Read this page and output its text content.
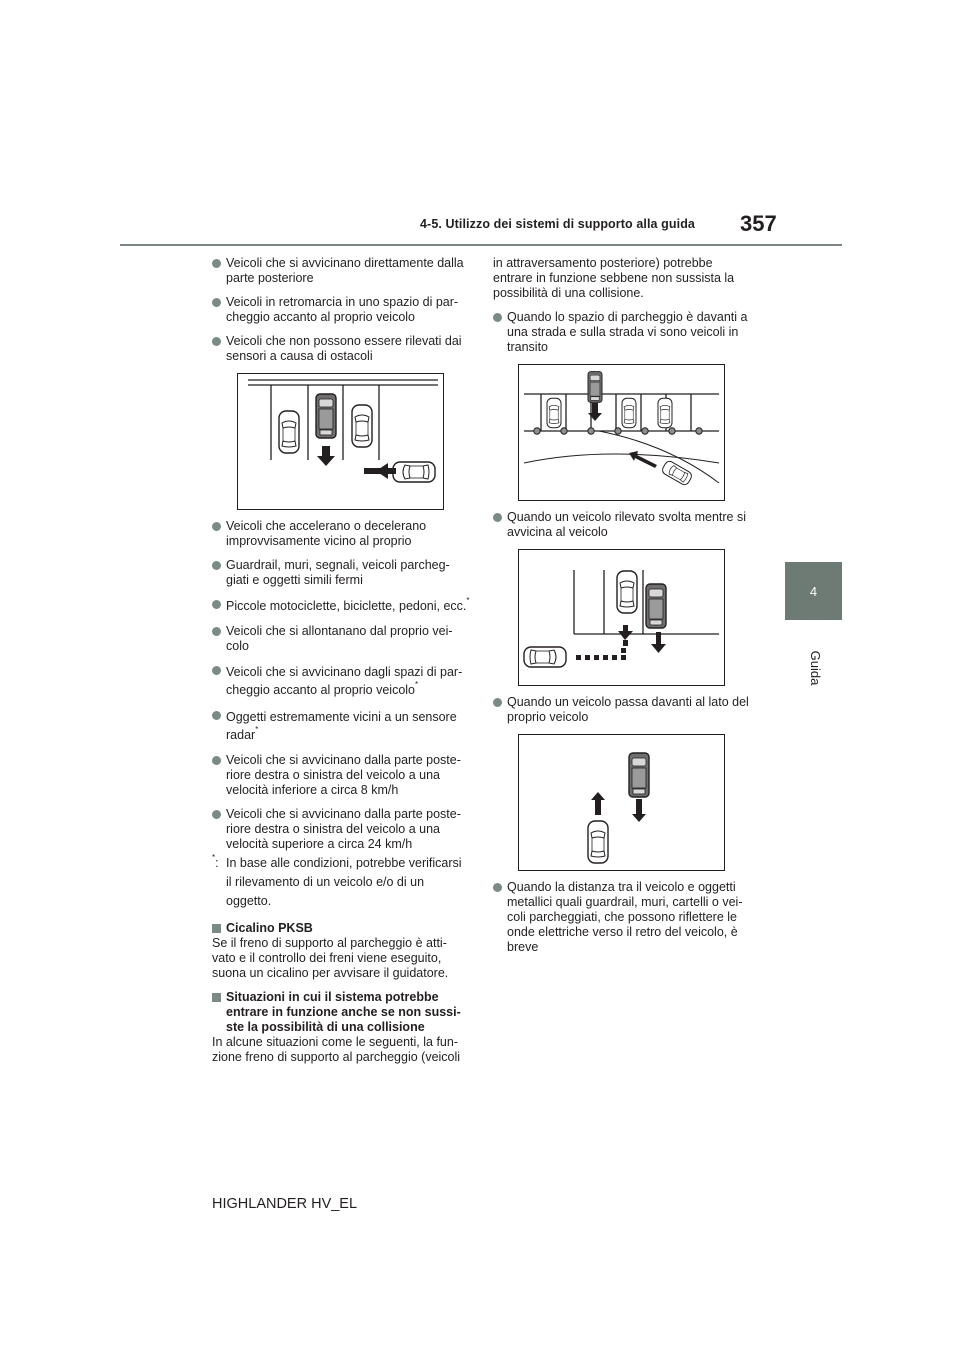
4-5. Utilizzo dei sistemi di supporto alla guida 357
4
Guida
Veicoli che si avvicinano direttamente dalla parte posteriore
Veicoli in retromarcia in uno spazio di par-cheggio accanto al proprio veicolo
Veicoli che non possono essere rilevati dai sensori a causa di ostacoli
Veicoli che accelerano o decelerano improvvisamente vicino al proprio
Guardrail, muri, segnali, veicoli parcheg-giati e oggetti simili fermi
Piccole motociclette, biciclette, pedoni, ecc.*
Veicoli che si allontanano dal proprio vei-colo
Veicoli che si avvicinano dagli spazi di par-cheggio accanto al proprio veicolo*
Oggetti estremamente vicini a un sensore radar*
Veicoli che si avvicinano dalla parte poste-riore destra o sinistra del veicolo a una velocità inferiore a circa 8 km/h
Veicoli che si avvicinano dalla parte poste-riore destra o sinistra del veicolo a una velocità superiore a circa 24 km/h
*: In base alle condizioni, potrebbe verificarsi il rilevamento di un veicolo e/o di un oggetto.
Cicalino PKSB
Se il freno di supporto al parcheggio è atti-vato e il controllo dei freni viene eseguito, suona un cicalino per avvisare il guidatore.
Situazioni in cui il sistema potrebbe entrare in funzione anche se non sussi-ste la possibilità di una collisione
In alcune situazioni come le seguenti, la fun-zione freno di supporto al parcheggio (veicoli
in attraversamento posteriore) potrebbe entrare in funzione sebbene non sussista la possibilità di una collisione.
Quando lo spazio di parcheggio è davanti a una strada e sulla strada vi sono veicoli in transito
Quando un veicolo rilevato svolta mentre si avvicina al veicolo
Quando un veicolo passa davanti al lato del proprio veicolo
Quando la distanza tra il veicolo e oggetti metallici quali guardrail, muri, cartelli o vei-coli parcheggiati, che possono riflettere le onde elettriche verso il retro del veicolo, è breve
HIGHLANDER HV_EL
